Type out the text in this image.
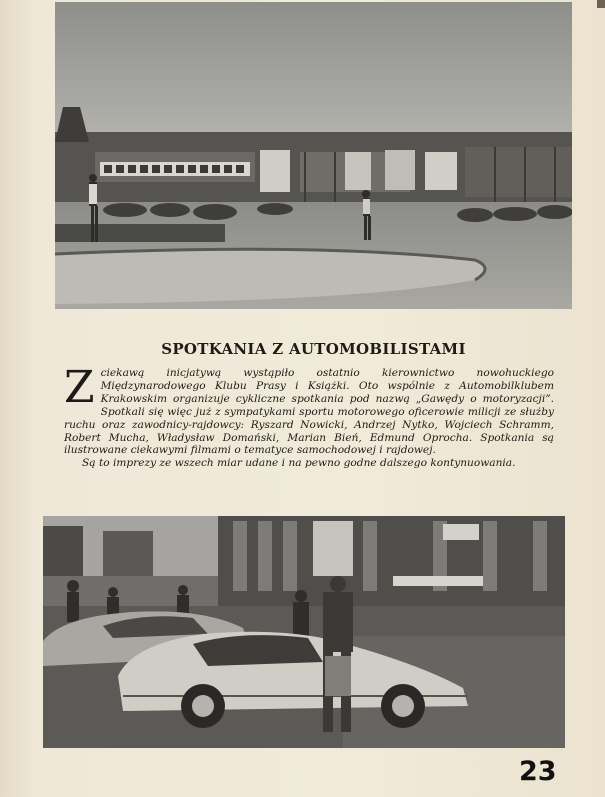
SPOTKANIA Z AUTOMOBILISTAMI

Zciekawą inicjatywą wystąpiło ostatnio kierownictwo nowohuckiego Międzynarodowego Klubu Prasy i Książki. Oto wspólnie z Automobilklubem Krakowskim organizuje cykliczne spotkania pod nazwą „Gawędy o motoryzacji”. Spotkali się więc już z sympatykami sportu motorowego oficerowie milicji ze służby ruchu oraz zawodnicy-rajdowcy: Ryszard Nowicki, Andrzej Nytko, Wojciech Schramm, Robert Mucha, Władysław Domański, Marian Bień, Edmund Oprocha. Spotkania są ilustrowane ciekawymi filmami o tematyce samochodowej i rajdowej.

Są to imprezy ze wszech miar udane i na pewno godne dalszego kontynuowania.

23
